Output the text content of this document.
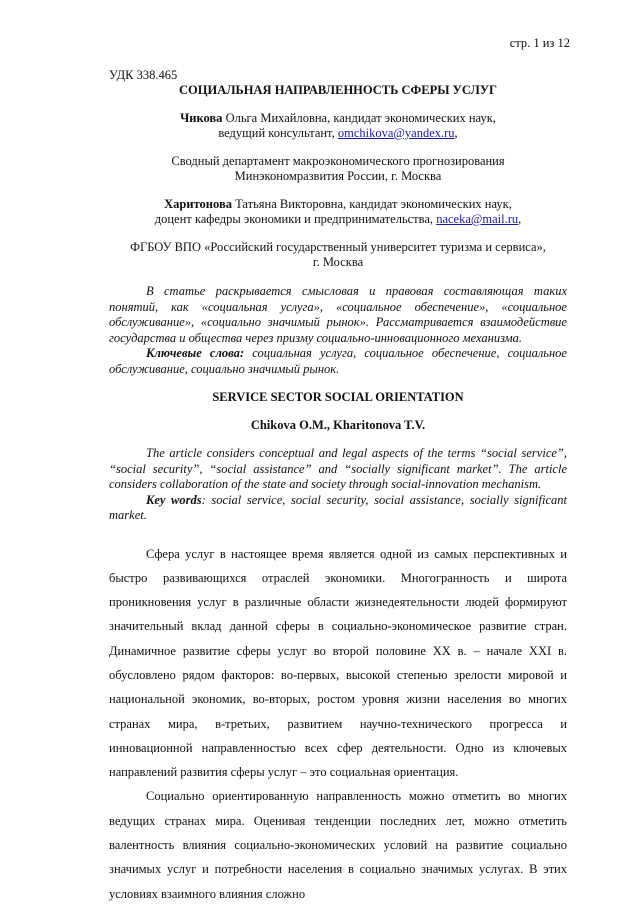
стр. 1 из 12

УДК 338.465

СОЦИАЛЬНАЯ НАПРАВЛЕННОСТЬ СФЕРЫ УСЛУГ

Чикова Ольга Михайловна, кандидат экономических наук,

ведущий консультант, omchikova@yandex.ru,

Сводный департамент макроэкономического прогнозирования

Минэкономразвития России, г. Москва

Харитонова Татьяна Викторовна, кандидат экономических наук,

доцент кафедры экономики и предпринимательства, naceka@mail.ru,

ФГБОУ ВПО «Российский государственный университет туризма и сервиса»,

г. Москва

В статье раскрывается смысловая и правовая составляющая таких понятий, как «социальная услуга», «социальное обеспечение», «социальное обслуживание», «социально значимый рынок». Рассматривается взаимодействие государства и общества через призму социально-инновационного механизма.

Ключевые слова: социальная услуга, социальное обеспечение, социальное обслуживание, социально значимый рынок.

SERVICE SECTOR SOCIAL ORIENTATION

Chikova O.M., Kharitonova T.V.

The article considers conceptual and legal aspects of the terms “social service”, “social security”, “social assistance” and “socially significant market”. The article considers collaboration of the state and society through social-innovation mechanism.

Key words: social service, social security, social assistance, socially significant market.

Сфера услуг в настоящее время является одной из самых перспективных и быстро развивающихся отраслей экономики. Многогранность и широта проникновения услуг в различные области жизнедеятельности людей формируют значительный вклад данной сферы в социально-экономическое развитие стран. Динамичное развитие сферы услуг во второй половине XX в. – начале XXI в. обусловлено рядом факторов: во-первых, высокой степенью зрелости мировой и национальной экономик, во-вторых, ростом уровня жизни населения во многих странах мира, в-третьих, развитием научно-технического прогресса и инновационной направленностью всех сфер деятельности. Одно из ключевых направлений развития сферы услуг – это социальная ориентация.

Социально ориентированную направленность можно отметить во многих ведущих странах мира. Оценивая тенденции последних лет, можно отметить валентность влияния социально-экономических условий на развитие социально значимых услуг и потребности населения в социально значимых услугах. В этих условиях взаимного влияния сложно
